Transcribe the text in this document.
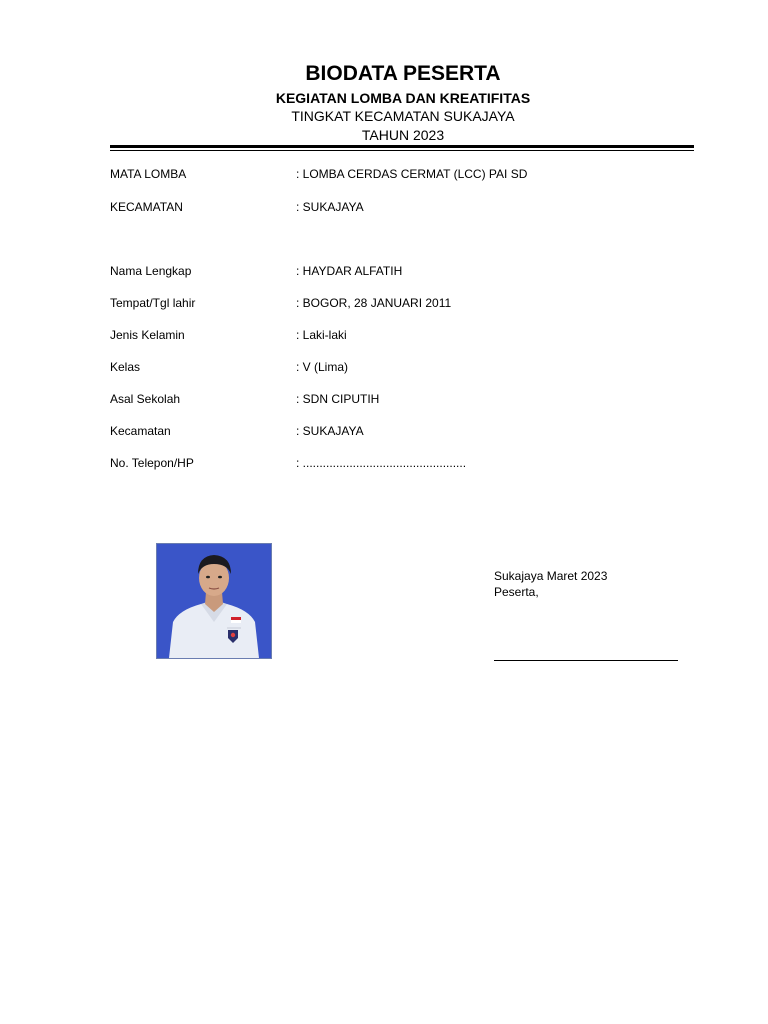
BIODATA PESERTA
KEGIATAN LOMBA DAN KREATIFITAS
TINGKAT KECAMATAN SUKAJAYA
TAHUN 2023
MATA LOMBA	: LOMBA CERDAS CERMAT (LCC) PAI SD
KECAMATAN	: SUKAJAYA
Nama Lengkap	: HAYDAR ALFATIH
Tempat/Tgl lahir	: BOGOR, 28 JANUARI 2011
Jenis Kelamin	: Laki-laki
Kelas	: V (Lima)
Asal Sekolah	: SDN CIPUTIH
Kecamatan	: SUKAJAYA
No. Telepon/HP	: .................................................
Sukajaya Maret 2023
Peserta,
